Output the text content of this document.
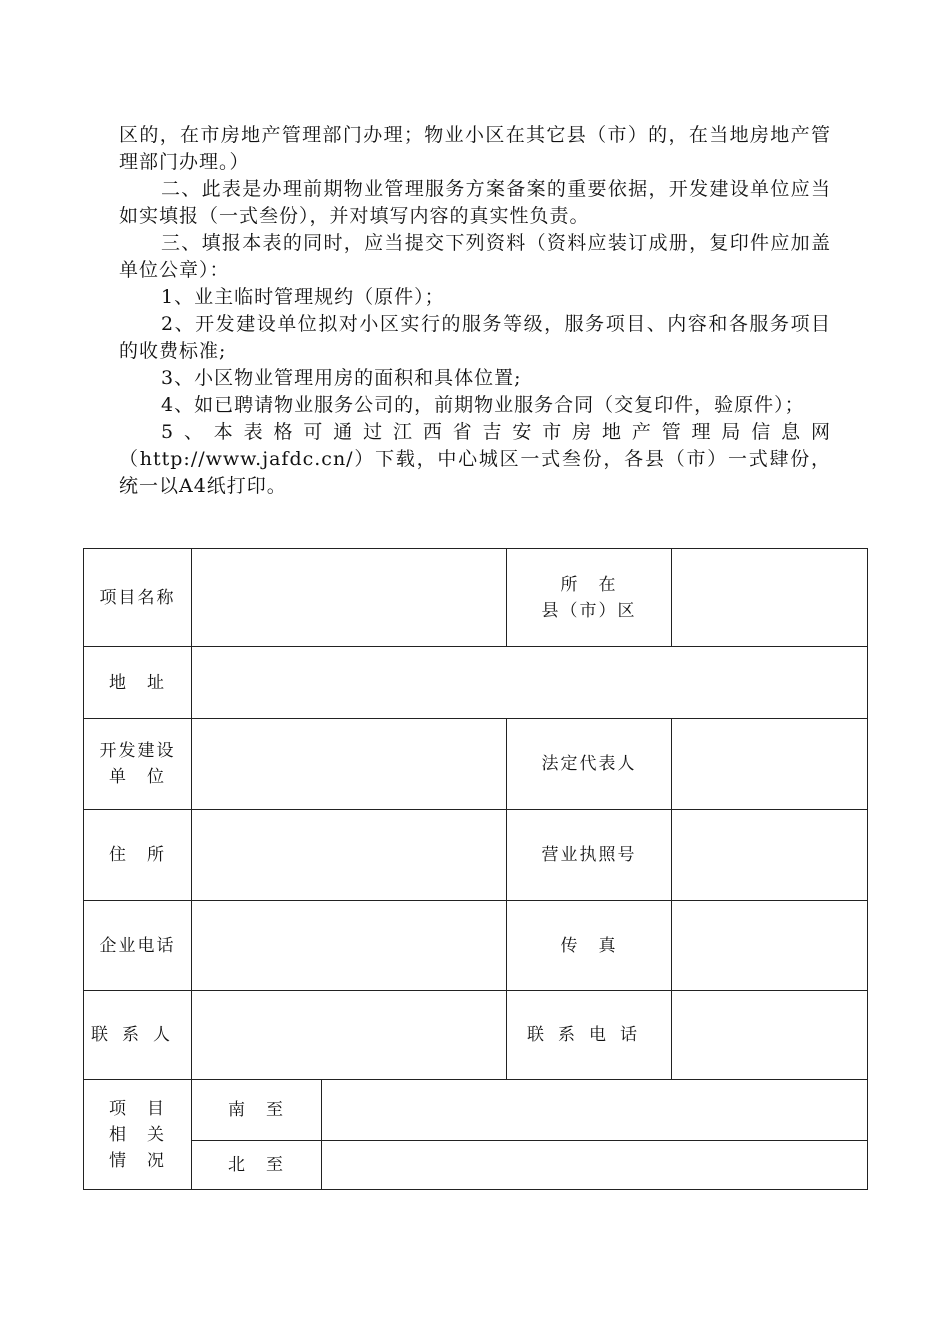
区的，在市房地产管理部门办理；物业小区在其它县（市）的，在当地房地产管理部门办理。）

二、此表是办理前期物业管理服务方案备案的重要依据，开发建设单位应当如实填报（一式叁份），并对填写内容的真实性负责。

三、填报本表的同时，应当提交下列资料（资料应装订成册，复印件应加盖单位公章）：

1、业主临时管理规约（原件）；

2、开发建设单位拟对小区实行的服务等级，服务项目、内容和各服务项目的收费标准;

3、小区物业管理用房的面积和具体位置;

4、如已聘请物业服务公司的，前期物业服务合同（交复印件，验原件）；

5、本表格可通过江西省吉安市房地产管理局信息网（http://www.jafdc.cn/）下载，中心城区一式叁份，各县（市）一式肆份，统一以A4纸打印。

项目名称			所　在
县（市）区	

地　址				

开发建设
单　位			法定代表人	
住　所			营业执照号	
企业电话			传　真	
联系人			联系电话	

项　目
相　关
情　况	南　至			
	北　至			
